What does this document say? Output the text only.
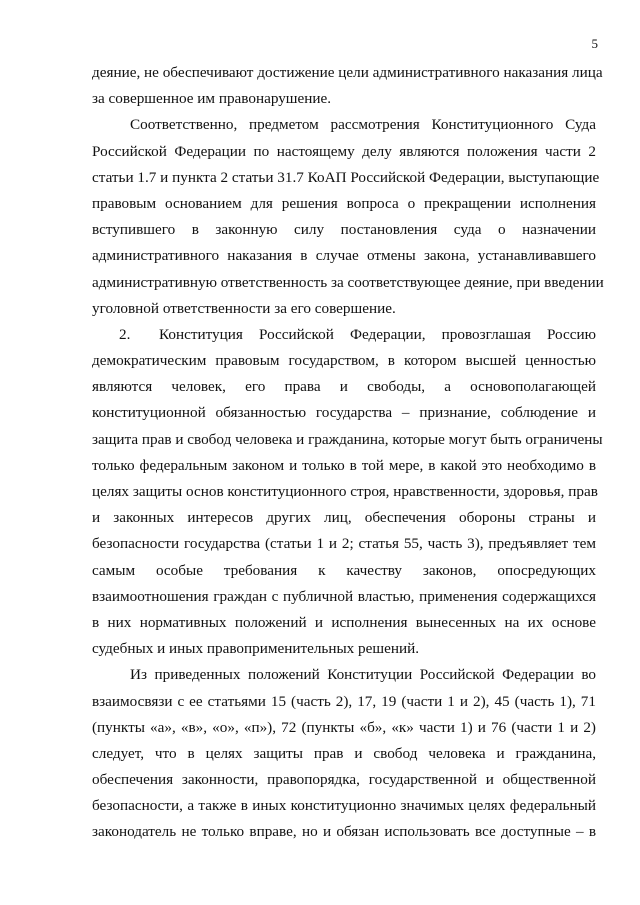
5
деяние, не обеспечивают достижение цели административного наказания лица
за совершенное им правонарушение.
Соответственно, предметом рассмотрения Конституционного Суда
Российской Федерации по настоящему делу являются положения части 2
статьи 1.7 и пункта 2 статьи 31.7 КоАП Российской Федерации, выступающие
правовым основанием для решения вопроса о прекращении исполнения
вступившего в законную силу постановления суда о назначении
административного наказания в случае отмены закона, устанавливавшего
административную ответственность за соответствующее деяние, при введении
уголовной ответственности за его совершение.
2.	Конституция Российской Федерации, провозглашая Россию
демократическим правовым государством, в котором высшей ценностью
являются человек, его права и свободы, а основополагающей
конституционной обязанностью государства – признание, соблюдение и
защита прав и свобод человека и гражданина, которые могут быть ограничены
только федеральным законом и только в той мере, в какой это необходимо в
целях защиты основ конституционного строя, нравственности, здоровья, прав
и законных интересов других лиц, обеспечения обороны страны и
безопасности государства (статьи 1 и 2; статья 55, часть 3), предъявляет тем
самым особые требования к качеству законов, опосредующих
взаимоотношения граждан с публичной властью, применения содержащихся
в них нормативных положений и исполнения вынесенных на их основе
судебных и иных правоприменительных решений.
Из приведенных положений Конституции Российской Федерации во
взаимосвязи с ее статьями 15 (часть 2), 17, 19 (части 1 и 2), 45 (часть 1), 71
(пункты «а», «в», «о», «п»), 72 (пункты «б», «к» части 1) и 76 (части 1 и 2)
следует, что в целях защиты прав и свобод человека и гражданина,
обеспечения законности, правопорядка, государственной и общественной
безопасности, а также в иных конституционно значимых целях федеральный
законодатель не только вправе, но и обязан использовать все доступные – в
